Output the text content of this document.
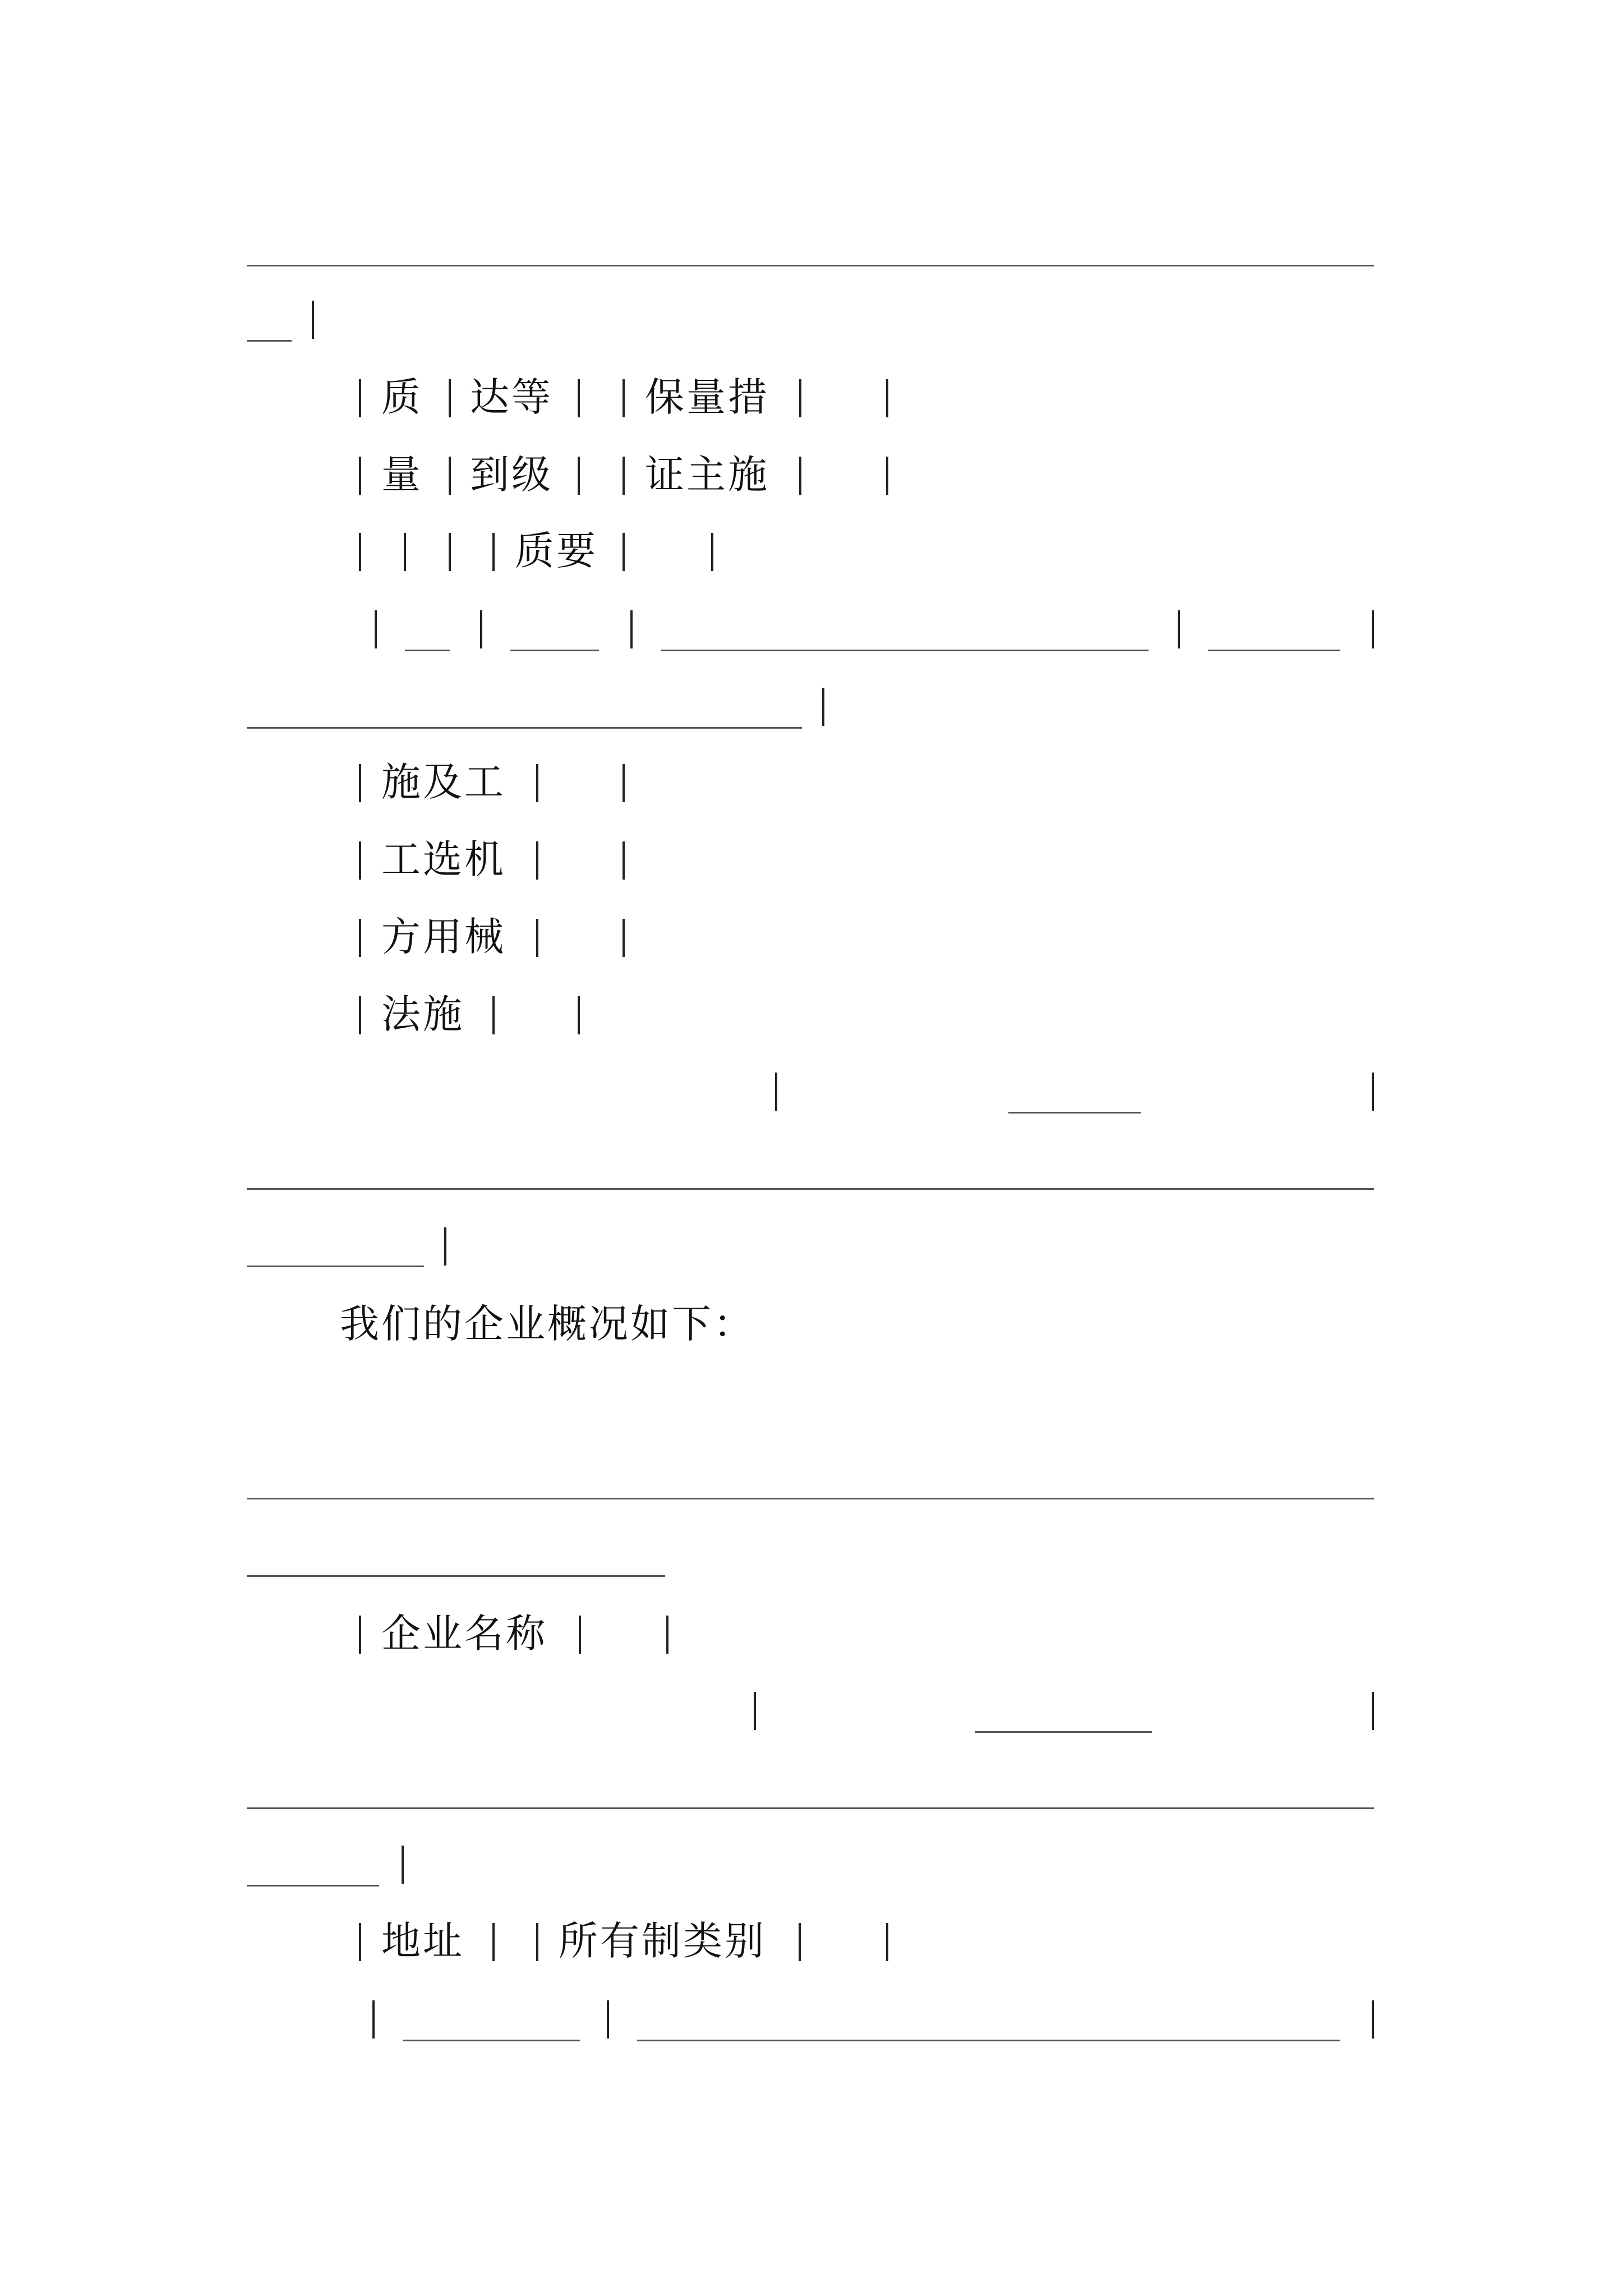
质 达等 保量措
量 到级 证主施
质要
施及工
工选机
方用械
法施
我们的企业概况如下：
企业名称
地址 所有制类别
